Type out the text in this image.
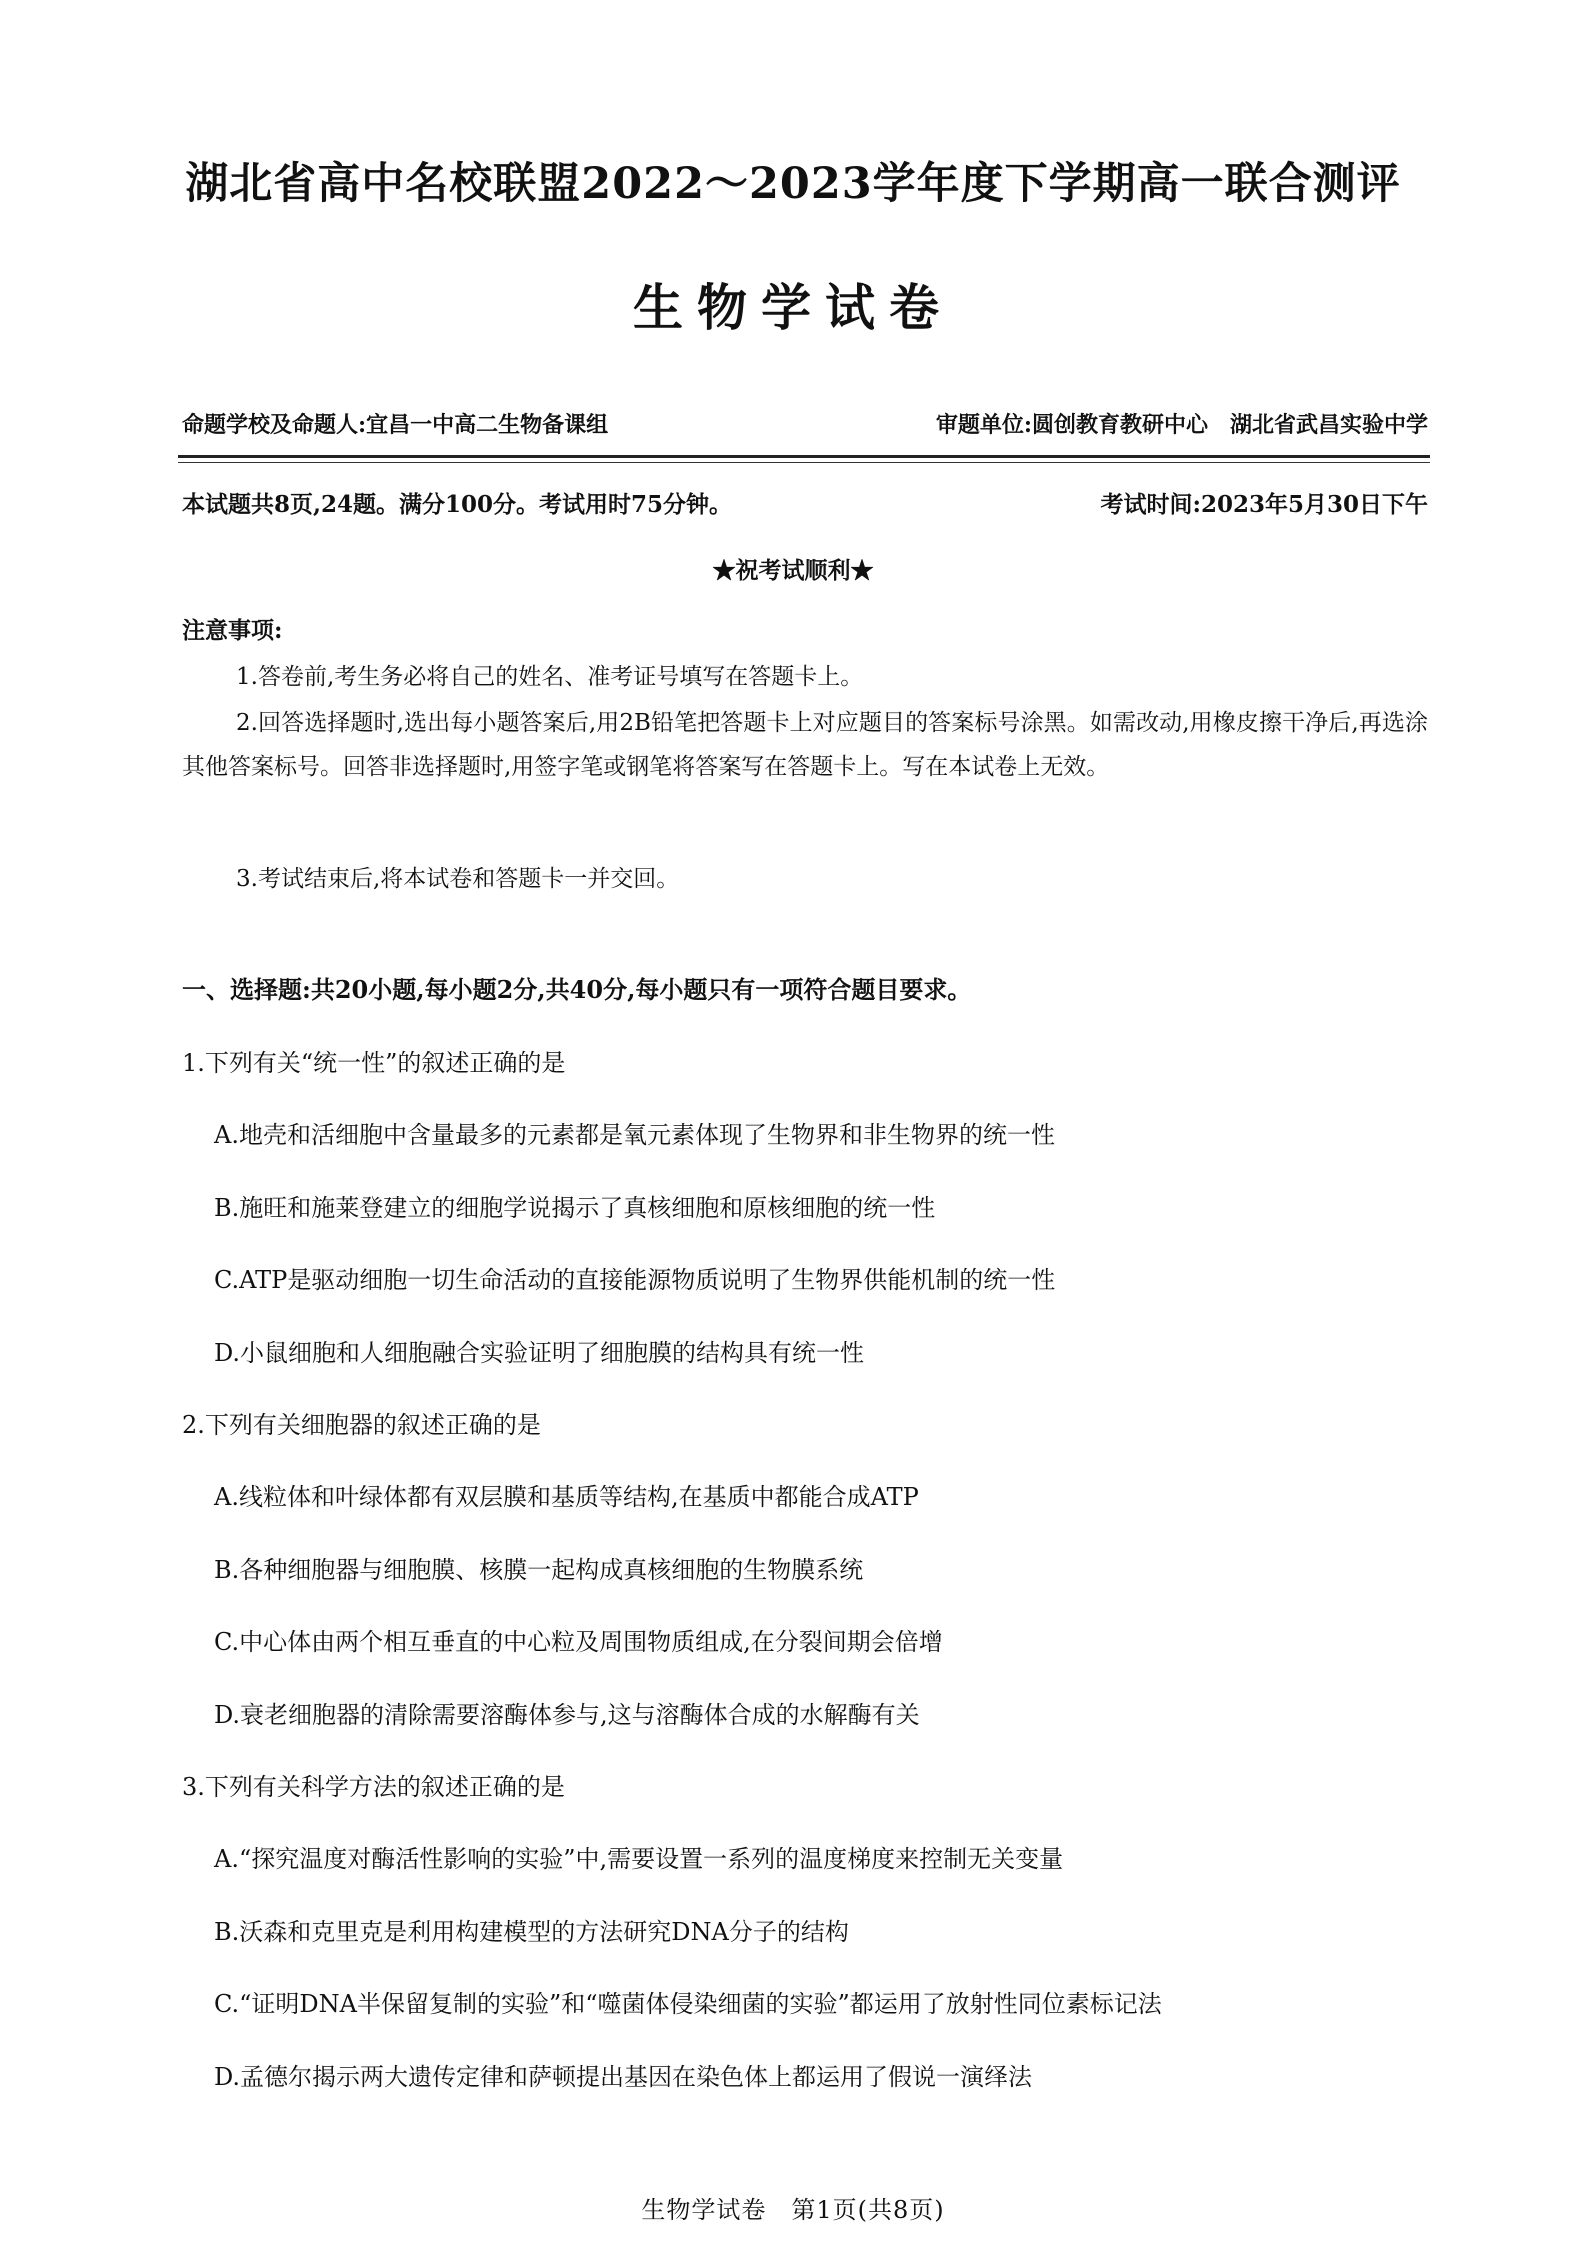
湖北省高中名校联盟2022～2023学年度下学期高一联合测评
生物学试卷
命题学校及命题人:宜昌一中高二生物备课组	审题单位:圆创教育教研中心　湖北省武昌实验中学
本试题共8页,24题。满分100分。考试用时75分钟。	考试时间:2023年5月30日下午
★祝考试顺利★
注意事项:
1.答卷前,考生务必将自己的姓名、准考证号填写在答题卡上。
2.回答选择题时,选出每小题答案后,用2B铅笔把答题卡上对应题目的答案标号涂黑。如需改动,用橡皮擦干净后,再选涂其他答案标号。回答非选择题时,用签字笔或钢笔将答案写在答题卡上。写在本试卷上无效。
3.考试结束后,将本试卷和答题卡一并交回。
一、选择题:共20小题,每小题2分,共40分,每小题只有一项符合题目要求。
1.下列有关“统一性”的叙述正确的是
A.地壳和活细胞中含量最多的元素都是氧元素体现了生物界和非生物界的统一性
B.施旺和施莱登建立的细胞学说揭示了真核细胞和原核细胞的统一性
C.ATP是驱动细胞一切生命活动的直接能源物质说明了生物界供能机制的统一性
D.小鼠细胞和人细胞融合实验证明了细胞膜的结构具有统一性
2.下列有关细胞器的叙述正确的是
A.线粒体和叶绿体都有双层膜和基质等结构,在基质中都能合成ATP
B.各种细胞器与细胞膜、核膜一起构成真核细胞的生物膜系统
C.中心体由两个相互垂直的中心粒及周围物质组成,在分裂间期会倍增
D.衰老细胞器的清除需要溶酶体参与,这与溶酶体合成的水解酶有关
3.下列有关科学方法的叙述正确的是
A.“探究温度对酶活性影响的实验”中,需要设置一系列的温度梯度来控制无关变量
B.沃森和克里克是利用构建模型的方法研究DNA分子的结构
C.“证明DNA半保留复制的实验”和“噬菌体侵染细菌的实验”都运用了放射性同位素标记法
D.孟德尔揭示两大遗传定律和萨顿提出基因在染色体上都运用了假说一演绎法
生物学试卷　第1页(共8页)
